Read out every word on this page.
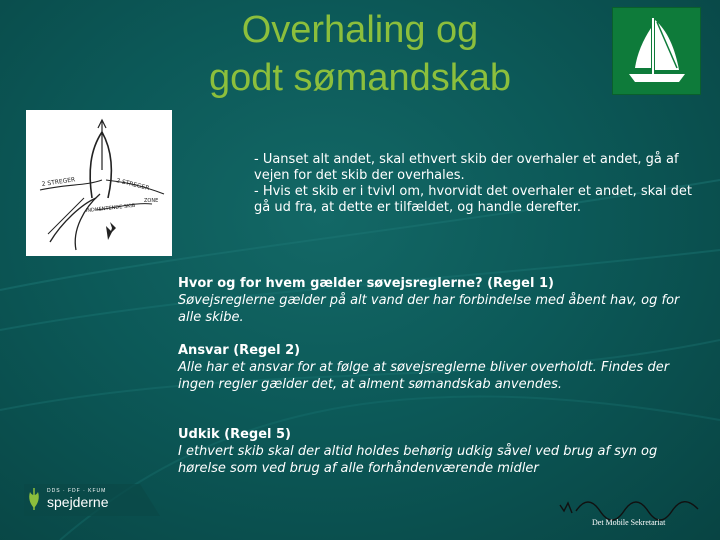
Overhaling og
godt sømandskab
2 STREGER	2 STREGER
INDHENTENDE SKIB
ZONE

- Uanset alt andet, skal ethvert skib der overhaler et andet, gå af vejen for det skib der overhales.

- Hvis et skib er i tvivl om, hvorvidt det overhaler et andet, skal det gå ud fra, at dette er tilfældet, og handle derefter.

Hvor og for hvem gælder søvejsreglerne? (Regel 1)
Søvejsreglerne gælder på alt vand der har forbindelse med åbent hav, og for alle skibe.
Ansvar (Regel 2)
Alle har et ansvar for at følge at søvejsreglerne bliver overholdt. Findes der ingen regler gælder det, at alment sømandskab anvendes.
Udkik (Regel 5)
I ethvert skib skal der altid holdes behørig udkig såvel ved brug af syn og hørelse som ved brug af alle forhåndenværende midler
DDS · FDF · KFUM
spejderne
Det Mobile Sekretariat
